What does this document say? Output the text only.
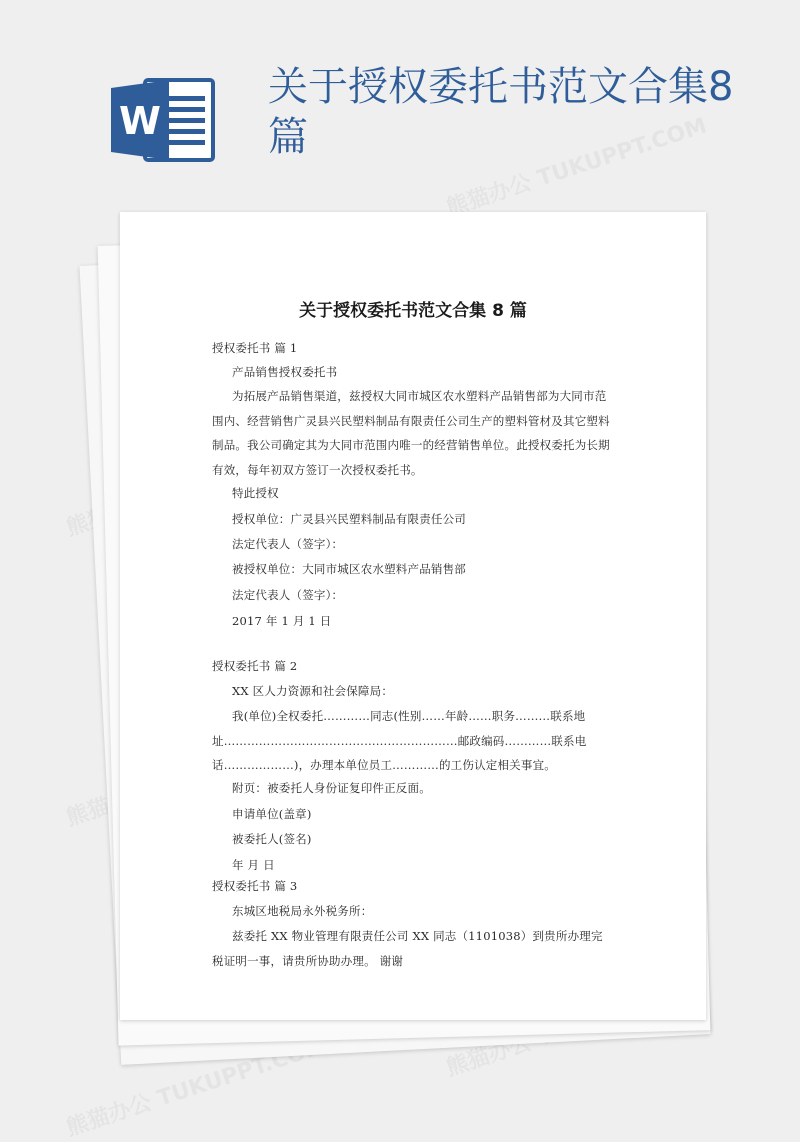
W
关于授权委托书范文合集8篇
关于授权委托书范文合集 8 篇
授权委托书 篇 1
产品销售授权委托书
为拓展产品销售渠道，兹授权大同市城区农水塑料产品销售部为大同市范围内、经营销售广灵县兴民塑料制品有限责任公司生产的塑料管材及其它塑料制品。我公司确定其为大同市范围内唯一的经营销售单位。此授权委托为长期有效，每年初双方签订一次授权委托书。
特此授权
授权单位：广灵县兴民塑料制品有限责任公司
法定代表人（签字）：
被授权单位：大同市城区农水塑料产品销售部
法定代表人（签字）：
2017 年 1 月 1 日
授权委托书 篇 2
XX 区人力资源和社会保障局：
我(单位)全权委托…………同志(性别……年龄……职务………联系地址……………………………………………………邮政编码…………联系电话………………)，办理本单位员工…………的工伤认定相关事宜。
附页：被委托人身份证复印件正反面。
申请单位(盖章)
被委托人(签名)
年 月 日
授权委托书 篇 3
东城区地税局永外税务所：
兹委托 XX 物业管理有限责任公司 XX 同志（1101038）到贵所办理完税证明一事，请贵所协助办理。 谢谢
